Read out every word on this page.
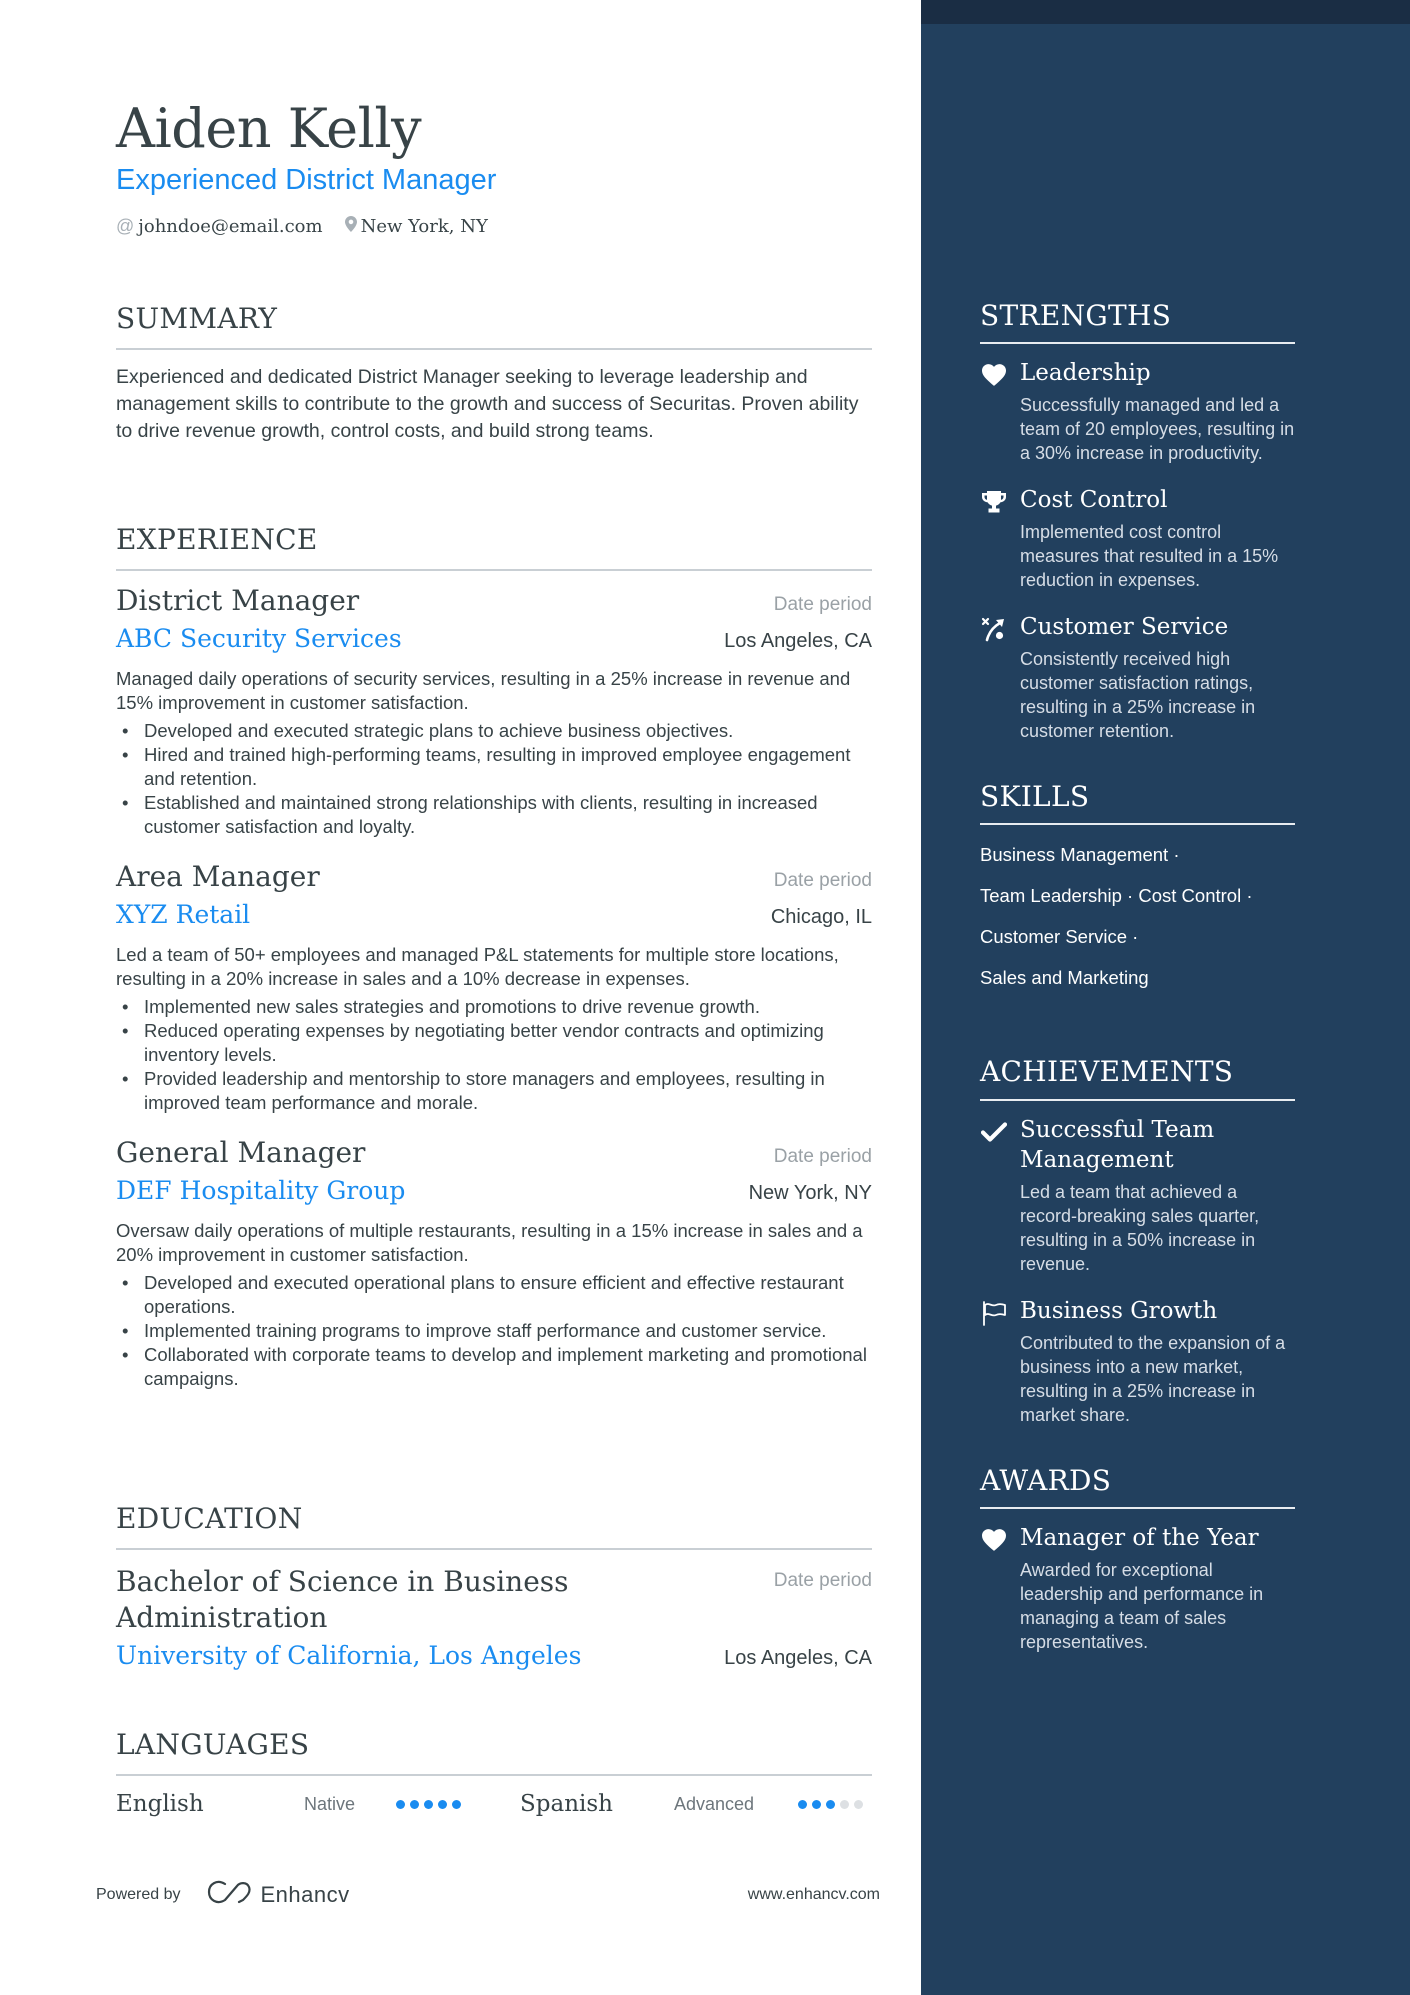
Aiden Kelly
Experienced District Manager
@ johndoe@email.com New York, NY
SUMMARY
Experienced and dedicated District Manager seeking to leverage leadership and management skills to contribute to the growth and success of Securitas. Proven ability to drive revenue growth, control costs, and build strong teams.
EXPERIENCE
District Manager	Date period
ABC Security Services	Los Angeles, CA
Managed daily operations of security services, resulting in a 25% increase in revenue and 15% improvement in customer satisfaction.
• Developed and executed strategic plans to achieve business objectives.
• Hired and trained high-performing teams, resulting in improved employee engagement and retention.
• Established and maintained strong relationships with clients, resulting in increased customer satisfaction and loyalty.
Area Manager	Date period
XYZ Retail	Chicago, IL
Led a team of 50+ employees and managed P&L statements for multiple store locations, resulting in a 20% increase in sales and a 10% decrease in expenses.
• Implemented new sales strategies and promotions to drive revenue growth.
• Reduced operating expenses by negotiating better vendor contracts and optimizing inventory levels.
• Provided leadership and mentorship to store managers and employees, resulting in improved team performance and morale.
General Manager	Date period
DEF Hospitality Group	New York, NY
Oversaw daily operations of multiple restaurants, resulting in a 15% increase in sales and a 20% improvement in customer satisfaction.
• Developed and executed operational plans to ensure efficient and effective restaurant operations.
• Implemented training programs to improve staff performance and customer service.
• Collaborated with corporate teams to develop and implement marketing and promotional campaigns.
EDUCATION
Bachelor of Science in Business Administration
Date period
University of California, Los Angeles	Los Angeles, CA
LANGUAGES
English	Native	Spanish	Advanced
Powered by	Enhancv	www.enhancv.com
STRENGTHS
Leadership
Successfully managed and led a team of 20 employees, resulting in a 30% increase in productivity.
Cost Control
Implemented cost control measures that resulted in a 15% reduction in expenses.
Customer Service
Consistently received high customer satisfaction ratings, resulting in a 25% increase in customer retention.
SKILLS
Business Management ·
Team Leadership · Cost Control ·
Customer Service ·
Sales and Marketing
ACHIEVEMENTS
Successful Team Management
Led a team that achieved a record-breaking sales quarter, resulting in a 50% increase in revenue.
Business Growth
Contributed to the expansion of a business into a new market, resulting in a 25% increase in market share.
AWARDS
Manager of the Year
Awarded for exceptional leadership and performance in managing a team of sales representatives.
